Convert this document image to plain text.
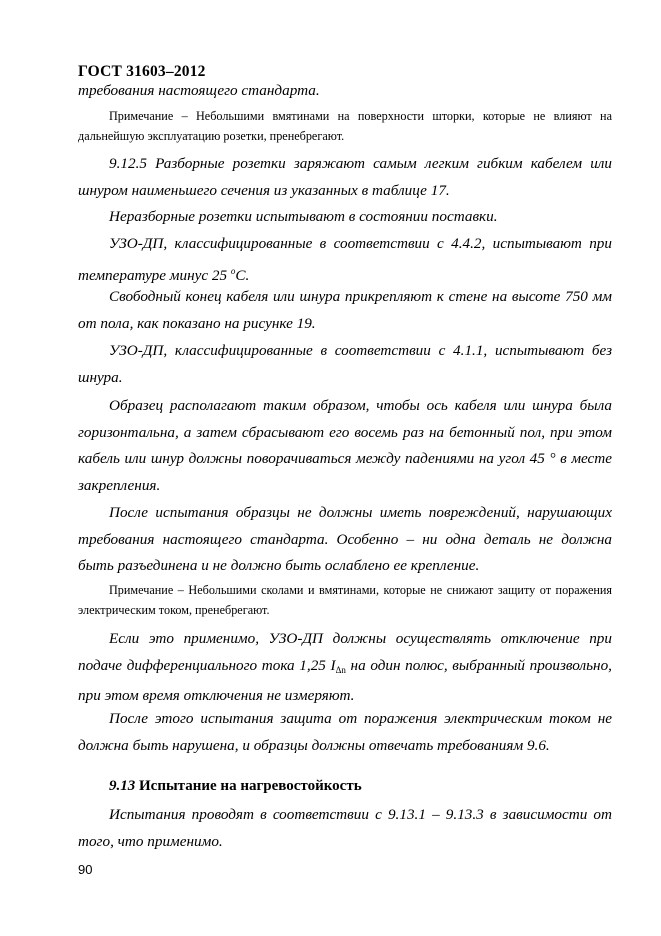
ГОСТ 31603–2012

требования настоящего стандарта.

Примечание – Небольшими вмятинами на поверхности шторки, которые не влияют на дальнейшую эксплуатацию розетки, пренебрегают.

9.12.5 Разборные розетки заряжают самым легким гибким кабелем или шнуром наименьшего сечения из указанных в таблице 17.

Неразборные розетки испытывают в состоянии поставки.

УЗО-ДП, классифицированные в соответствии с 4.4.2, испытывают при температуре минус 25 $^о$С.

Свободный конец кабеля или шнура прикрепляют к стене на высоте 750 мм от пола, как показано на рисунке 19.

УЗО-ДП, классифицированные в соответствии с 4.1.1, испытывают без шнура.

Образец располагают таким образом, чтобы ось кабеля или шнура была горизонтальна, а затем сбрасывают его восемь раз на бетонный пол, при этом кабель или шнур должны поворачиваться между падениями на угол 45 ° в месте закрепления.

После испытания образцы не должны иметь повреждений, нарушающих требования настоящего стандарта. Особенно – ни одна деталь не должна быть разъединена и не должно быть ослаблено ее крепление.

Примечание – Небольшими сколами и вмятинами, которые не снижают защиту от поражения электрическим током, пренебрегают.

Если это применимо, УЗО-ДП должны осуществлять отключение при подаче дифференциального тока 1,25 $I_{\Delta n}$ на один полюс, выбранный произвольно, при этом время отключения не измеряют.

После этого испытания защита от поражения электрическим током не должна быть нарушена, и образцы должны отвечать требованиям 9.6.

9.13 Испытание на нагревостойкость

Испытания проводят в соответствии с 9.13.1 – 9.13.3 в зависимости от того, что применимо.

90
